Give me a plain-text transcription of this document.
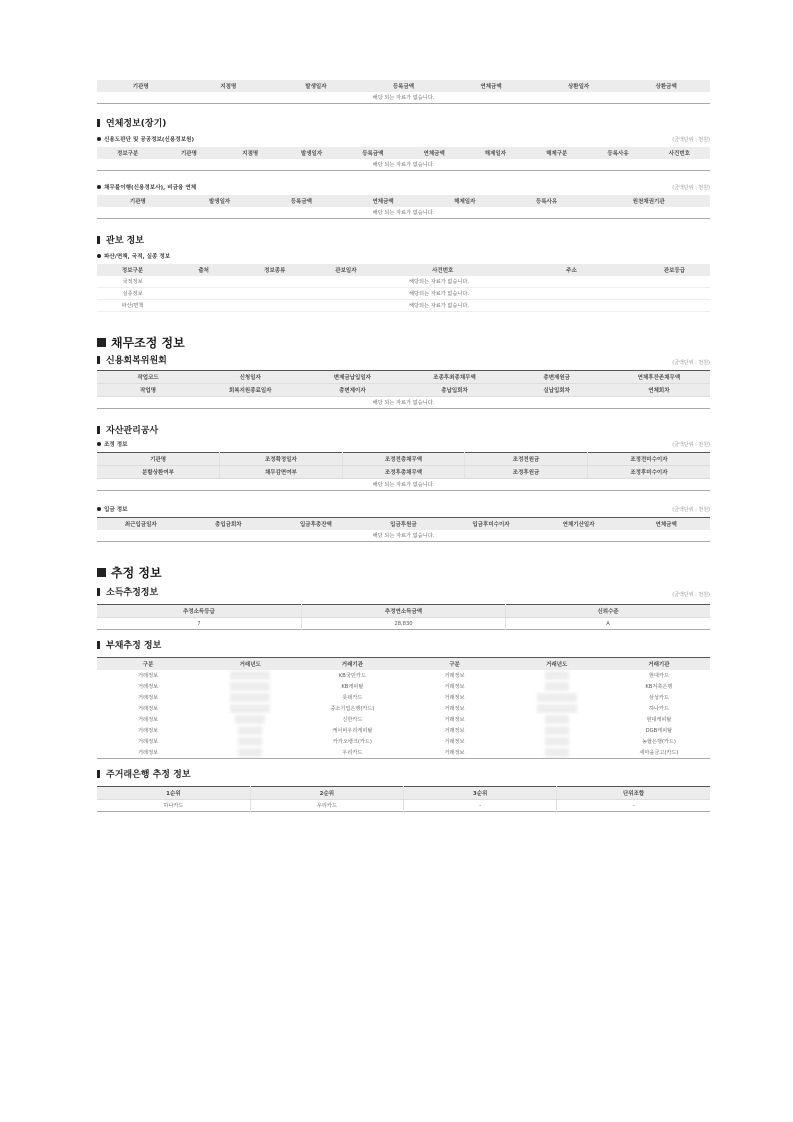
기관명	지점명	발생일자	등록금액	연체금액	상환일자	상환금액
해당 되는 자료가 없습니다.
연체정보(장기)
신용도판단 및 공공정보(신용정보원)	(금액단위 : 천원)
정보구분	기관명	지점명	발생일자	등록금액	연체금액	해제일자	해제구분	등록사유	사건번호
해당 되는 자료가 없습니다.
채무불이행(신용정보사), 비금융 연체	(금액단위 : 천원)
기관명	발생일자	등록금액	연체금액	해제일자	등록사유	원천채권기관
해당 되는 자료가 없습니다.
관보 정보
파산/면책, 국적, 실종 정보
정보구분	출처	정보종류	관보일자	사건번호	주소	관보등급
국적정보	해당되는 자료가 없습니다.					
실종정보	해당되는 자료가 없습니다.					
파산/면책	해당되는 자료가 없습니다.					
채무조정 정보
신용회복위원회	(금액단위 : 천원)
작업코드	신청일자	변제금납입일자	조종후최종채무액	총변제원금	연체후잔존채무액
작업명	회복지원종료일자	총변제이자	총납입회차	실납입회차	연체회차
해당 되는 자료가 없습니다.					
자산관리공사
조정 정보	(금액단위 : 천원)
기관명	조정확정일자	조정전총채무액	조정전원금	조정전미수이자
분할상환여부	채무감면여부	조정후총채무액	조정후원금	조정후미수이자
해당 되는 자료가 없습니다.				
입금 정보	(금액단위 : 천원)
최근입금일자	총입금회차	입금후총잔액	입금후원금	입금후미수이자	연체기산일자	연체금액
해당 되는 자료가 없습니다.
추정 정보
소득추정정보	(금액단위 : 천원)
추정소득등급	추정연소득금액	신뢰수준
7	28,830	A
부채추정 정보
구분	거래년도	거래기관	구분	거래년도	거래기관
거래정보		KB국민카드	거래정보		현대카드
거래정보		KB캐피탈	거래정보		KB저축은행
거래정보		롯데카드	거래정보		삼성카드
거래정보		중소기업은행(카드)	거래정보		하나카드
거래정보		신한카드	거래정보		현대캐피탈
거래정보		케이비우리캐피탈	거래정보		DGB캐피탈
거래정보		카카오뱅크(카드)	거래정보		농협은행(카드)
거래정보		우리카드	거래정보		새마을금고(카드)
주거래은행 추정 정보
1순위	2순위	3순위	단위조합
하나카드	우리카드	-	-
